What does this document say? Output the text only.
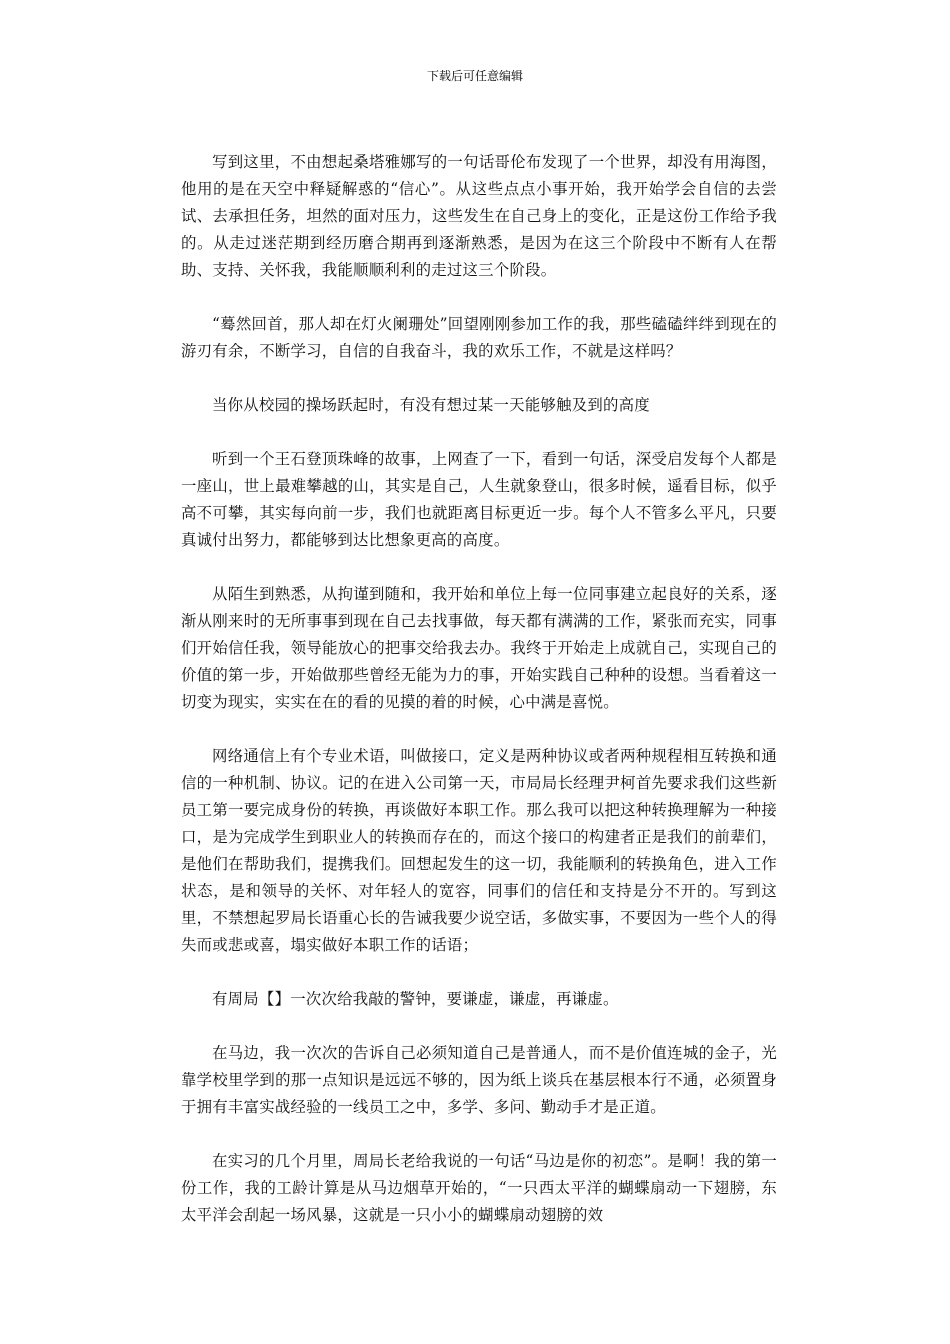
下载后可任意编辑

写到这里，不由想起桑塔雅娜写的一句话哥伦布发现了一个世界，却没有用海图，他用的是在天空中释疑解惑的“信心”。从这些点点小事开始，我开始学会自信的去尝试、去承担任务，坦然的面对压力，这些发生在自己身上的变化，正是这份工作给予我的。从走过迷茫期到经历磨合期再到逐渐熟悉，是因为在这三个阶段中不断有人在帮助、支持、关怀我，我能顺顺利利的走过这三个阶段。

“蓦然回首，那人却在灯火阑珊处”回望刚刚参加工作的我，那些磕磕绊绊到现在的游刃有余，不断学习，自信的自我奋斗，我的欢乐工作，不就是这样吗？

当你从校园的操场跃起时，有没有想过某一天能够触及到的高度

听到一个王石登顶珠峰的故事，上网查了一下，看到一句话，深受启发每个人都是一座山，世上最难攀越的山，其实是自己，人生就象登山，很多时候，遥看目标，似乎高不可攀，其实每向前一步，我们也就距离目标更近一步。每个人不管多么平凡，只要真诚付出努力，都能够到达比想象更高的高度。

从陌生到熟悉，从拘谨到随和，我开始和单位上每一位同事建立起良好的关系，逐渐从刚来时的无所事事到现在自己去找事做，每天都有满满的工作，紧张而充实，同事们开始信任我，领导能放心的把事交给我去办。我终于开始走上成就自己，实现自己的价值的第一步，开始做那些曾经无能为力的事，开始实践自己种种的设想。当看着这一切变为现实，实实在在的看的见摸的着的时候，心中满是喜悦。

网络通信上有个专业术语，叫做接口，定义是两种协议或者两种规程相互转换和通信的一种机制、协议。记的在进入公司第一天，市局局长经理尹柯首先要求我们这些新员工第一要完成身份的转换，再谈做好本职工作。那么我可以把这种转换理解为一种接口，是为完成学生到职业人的转换而存在的，而这个接口的构建者正是我们的前辈们，是他们在帮助我们，提携我们。回想起发生的这一切，我能顺利的转换角色，进入工作状态，是和领导的关怀、对年轻人的宽容，同事们的信任和支持是分不开的。写到这里，不禁想起罗局长语重心长的告诫我要少说空话，多做实事，不要因为一些个人的得失而或悲或喜，塌实做好本职工作的话语；

有周局【】一次次给我敲的警钟，要谦虚，谦虚，再谦虚。

在马边，我一次次的告诉自己必须知道自己是普通人，而不是价值连城的金子，光靠学校里学到的那一点知识是远远不够的，因为纸上谈兵在基层根本行不通，必须置身于拥有丰富实战经验的一线员工之中，多学、多问、勤动手才是正道。

在实习的几个月里，周局长老给我说的一句话“马边是你的初恋”。是啊！我的第一份工作，我的工龄计算是从马边烟草开始的，“一只西太平洋的蝴蝶扇动一下翅膀，东太平洋会刮起一场风暴，这就是一只小小的蝴蝶扇动翅膀的效
